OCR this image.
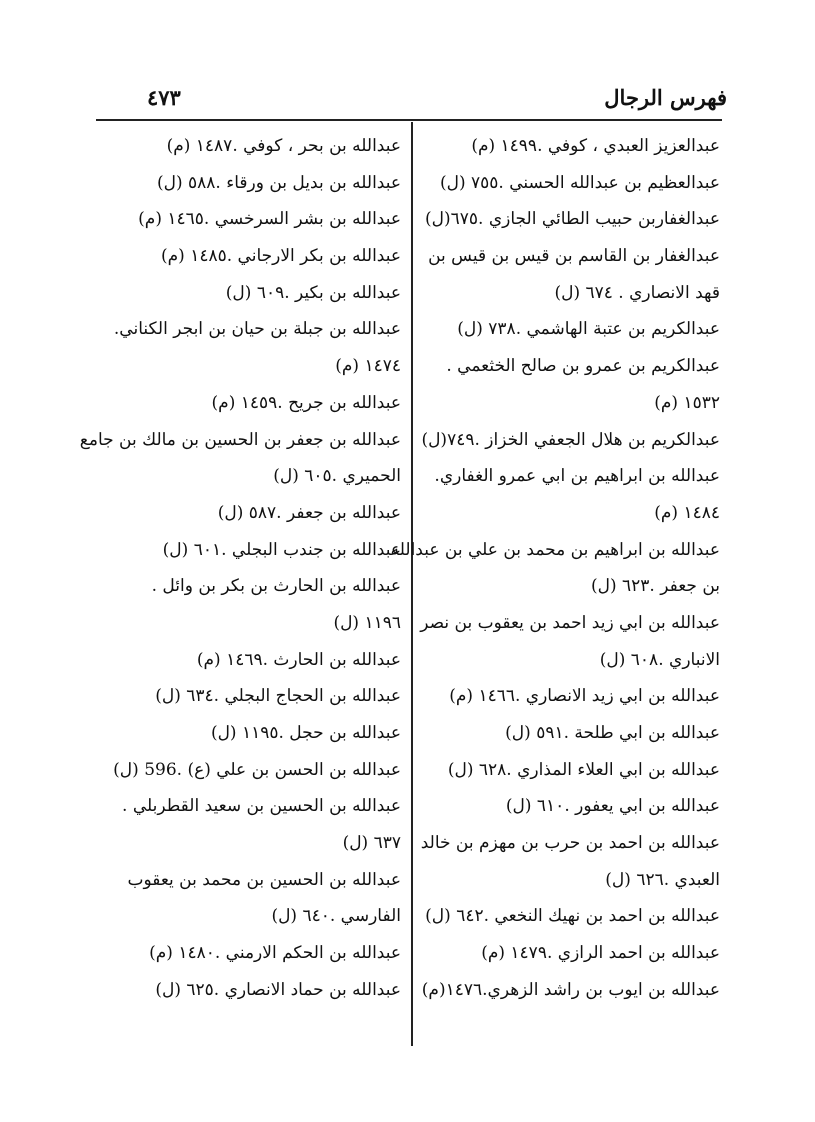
فهرس الرجال
٤٧٣
عبدالعزيز العبدي ، كوفي .١٤٩٩ (م)
عبدالعظيم بن عبدالله الحسني .٧٥٥ (ل)
عبدالغفاربن حبيب الطائي الجازي .٦٧٥(ل)
عبدالغفار بن القاسم بن قيس بن قيس بن
قهد الانصاري . ٦٧٤ (ل)
عبدالكريم بن عتبة الهاشمي .٧٣٨ (ل)
عبدالكريم بن عمرو بن صالح الخثعمي .
١٥٣٢ (م)
عبدالكريم بن هلال الجعفي الخزاز .٧٤٩(ل)
عبدالله بن ابراهيم بن ابي عمرو الغفاري.
١٤٨٤ (م)
عبدالله بن ابراهيم بن محمد بن علي بن عبدالله
بن جعفر .٦٢٣ (ل)
عبدالله بن ابي زيد احمد بن يعقوب بن نصر
الانباري .٦٠٨ (ل)
عبدالله بن ابي زيد الانصاري .١٤٦٦ (م)
عبدالله بن ابي طلحة .٥٩١ (ل)
عبدالله بن ابي العلاء المذاري .٦٢٨ (ل)
عبدالله بن ابي يعفور .٦١٠ (ل)
عبدالله بن احمد بن حرب بن مهزم بن خالد
العبدي .٦٢٦ (ل)
عبدالله بن احمد بن نهيك النخعي .٦٤٢ (ل)
عبدالله بن احمد الرازي .١٤٧٩ (م)
عبدالله بن ايوب بن راشد الزهري.١٤٧٦(م)
عبدالله بن بحر ، كوفي .١٤٨٧ (م)
عبدالله بن بديل بن ورقاء .٥٨٨ (ل)
عبدالله بن بشر السرخسي .١٤٦٥ (م)
عبدالله بن بكر الارجاني .١٤٨٥ (م)
عبدالله بن بكير .٦٠٩ (ل)
عبدالله بن جبلة بن حيان بن ابجر الكناني.
١٤٧٤ (م)
عبدالله بن جريح .١٤٥٩ (م)
عبدالله بن جعفر بن الحسين بن مالك بن جامع
الحميري .٦٠٥ (ل)
عبدالله بن جعفر .٥٨٧ (ل)
عبدالله بن جندب البجلي .٦٠١ (ل)
عبدالله بن الحارث بن بكر بن وائل .
١١٩٦ (ل)
عبدالله بن الحارث .١٤٦٩ (م)
عبدالله بن الحجاج البجلي .٦٣٤ (ل)
عبدالله بن حجل .١١٩٥ (ل)
عبدالله بن الحسن بن علي (ع) .596 (ل)
عبدالله بن الحسين بن سعيد القطربلي .
٦٣٧ (ل)
عبدالله بن الحسين بن محمد بن يعقوب
الفارسي .٦٤٠ (ل)
عبدالله بن الحكم الارمني .١٤٨٠ (م)
عبدالله بن حماد الانصاري .٦٢٥ (ل)
